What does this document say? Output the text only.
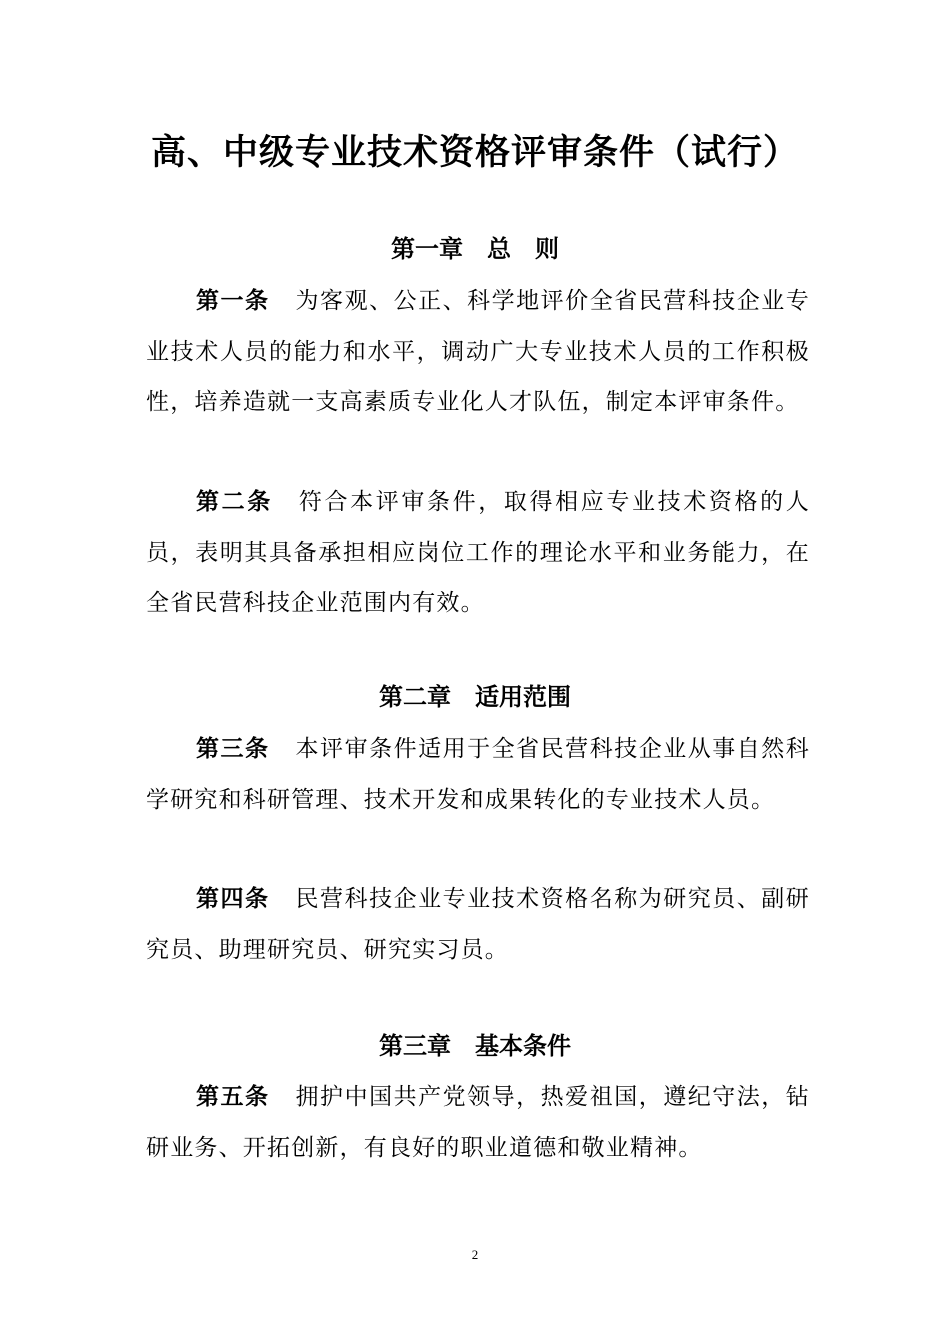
高、中级专业技术资格评审条件（试行）
第一章　总　则

第一条 为客观、公正、科学地评价全省民营科技企业专业技术人员的能力和水平，调动广大专业技术人员的工作积极性，培养造就一支高素质专业化人才队伍，制定本评审条件。

第二条 符合本评审条件，取得相应专业技术资格的人员，表明其具备承担相应岗位工作的理论水平和业务能力，在全省民营科技企业范围内有效。

第二章　适用范围

第三条 本评审条件适用于全省民营科技企业从事自然科学研究和科研管理、技术开发和成果转化的专业技术人员。

第四条 民营科技企业专业技术资格名称为研究员、副研究员、助理研究员、研究实习员。

第三章　基本条件

第五条 拥护中国共产党领导，热爱祖国，遵纪守法，钻研业务、开拓创新，有良好的职业道德和敬业精神。

2
